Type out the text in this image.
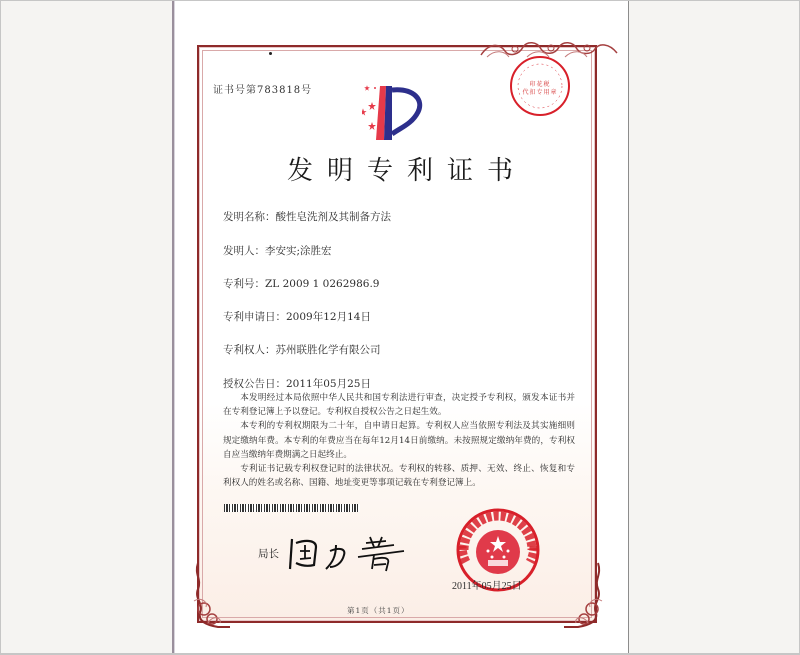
证书号第783818号
印花税
代扣专用章
发明专利证书
发明名称：酸性皂洗剂及其制备方法
发明人：李安实;涂胜宏
专利号：ZL 2009 1 0262986.9
专利申请日：2009年12月14日
专利权人：苏州联胜化学有限公司
授权公告日：2011年05月25日

本发明经过本局依照中华人民共和国专利法进行审查，决定授予专利权，颁发本证书并在专利登记簿上予以登记。专利权自授权公告之日起生效。

本专利的专利权期限为二十年，自申请日起算。专利权人应当依照专利法及其实施细则规定缴纳年费。本专利的年费应当在每年12月14日前缴纳。未按照规定缴纳年费的，专利权自应当缴纳年费期满之日起终止。

专利证书记载专利权登记时的法律状况。专利权的转移、质押、无效、终止、恢复和专利权人的姓名或名称、国籍、地址变更等事项记载在专利登记簿上。

局长
2011年05月25日
第1页（共1页）
